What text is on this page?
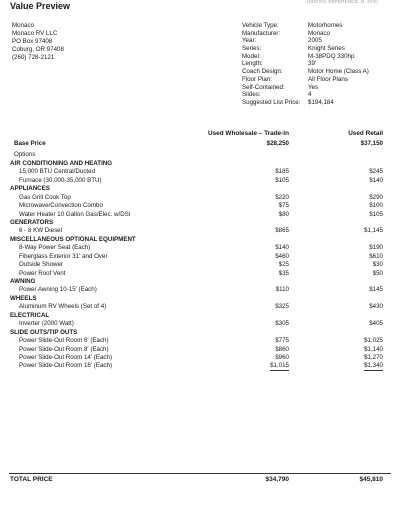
Value Preview	(DIGITAL REFERENCE: N. 2XX)
Monaco
Monaco RV LLC
PO Box 97408
Coburg, OR 97408
(260) 728-2121
Vehicle Type:	Motorhomes
Manufacturer:	Monaco
Year:	2005
Series:	Knight Series
Model:	M-38PDQ 330hp
Length:	39'
Coach Design:	Motor Home (Class A)
Floor Plan:	All Floor Plans
Self-Contained:	Yes
Slides:	4
Suggested List Price:	$194,184
Used Wholesale – Trade-In	Used Retail
Base Price	$28,250	$37,150
Options
AIR CONDITIONING AND HEATING
15,000 BTU Central/Ducted	$185	$245
Furnace (30,000-35,000 BTU)	$105	$140
APPLIANCES
Gas Grill Cook Top	$220	$290
Microwave/Convection Combo	$75	$100
Water Heater 10 Gallon Gas/Elec. w/DSI	$80	$105
GENERATORS
6 - 8 KW Diesel	$865	$1,145
MISCELLANEOUS OPTIONAL EQUIPMENT
8-Way Power Seat (Each)	$140	$190
Fiberglass Exterior 31' and Over	$460	$610
Outside Shower	$25	$30
Power Roof Vent	$35	$50
AWNING
Power Awning 10-15' (Each)	$110	$145
WHEELS
Aluminum RV Wheels (Set of 4)	$325	$430
ELECTRICAL
Inverter (2000 Watt)	$305	$405
SLIDE OUTS/TIP OUTS
Power Slide-Out Room 6' (Each)	$775	$1,025
Power Slide-Out Room 8' (Each)	$860	$1,140
Power Slide-Out Room 14' (Each)	$960	$1,270
Power Slide-Out Room 16' (Each)	$1,015	$1,340
TOTAL PRICE	$34,790	$45,810
